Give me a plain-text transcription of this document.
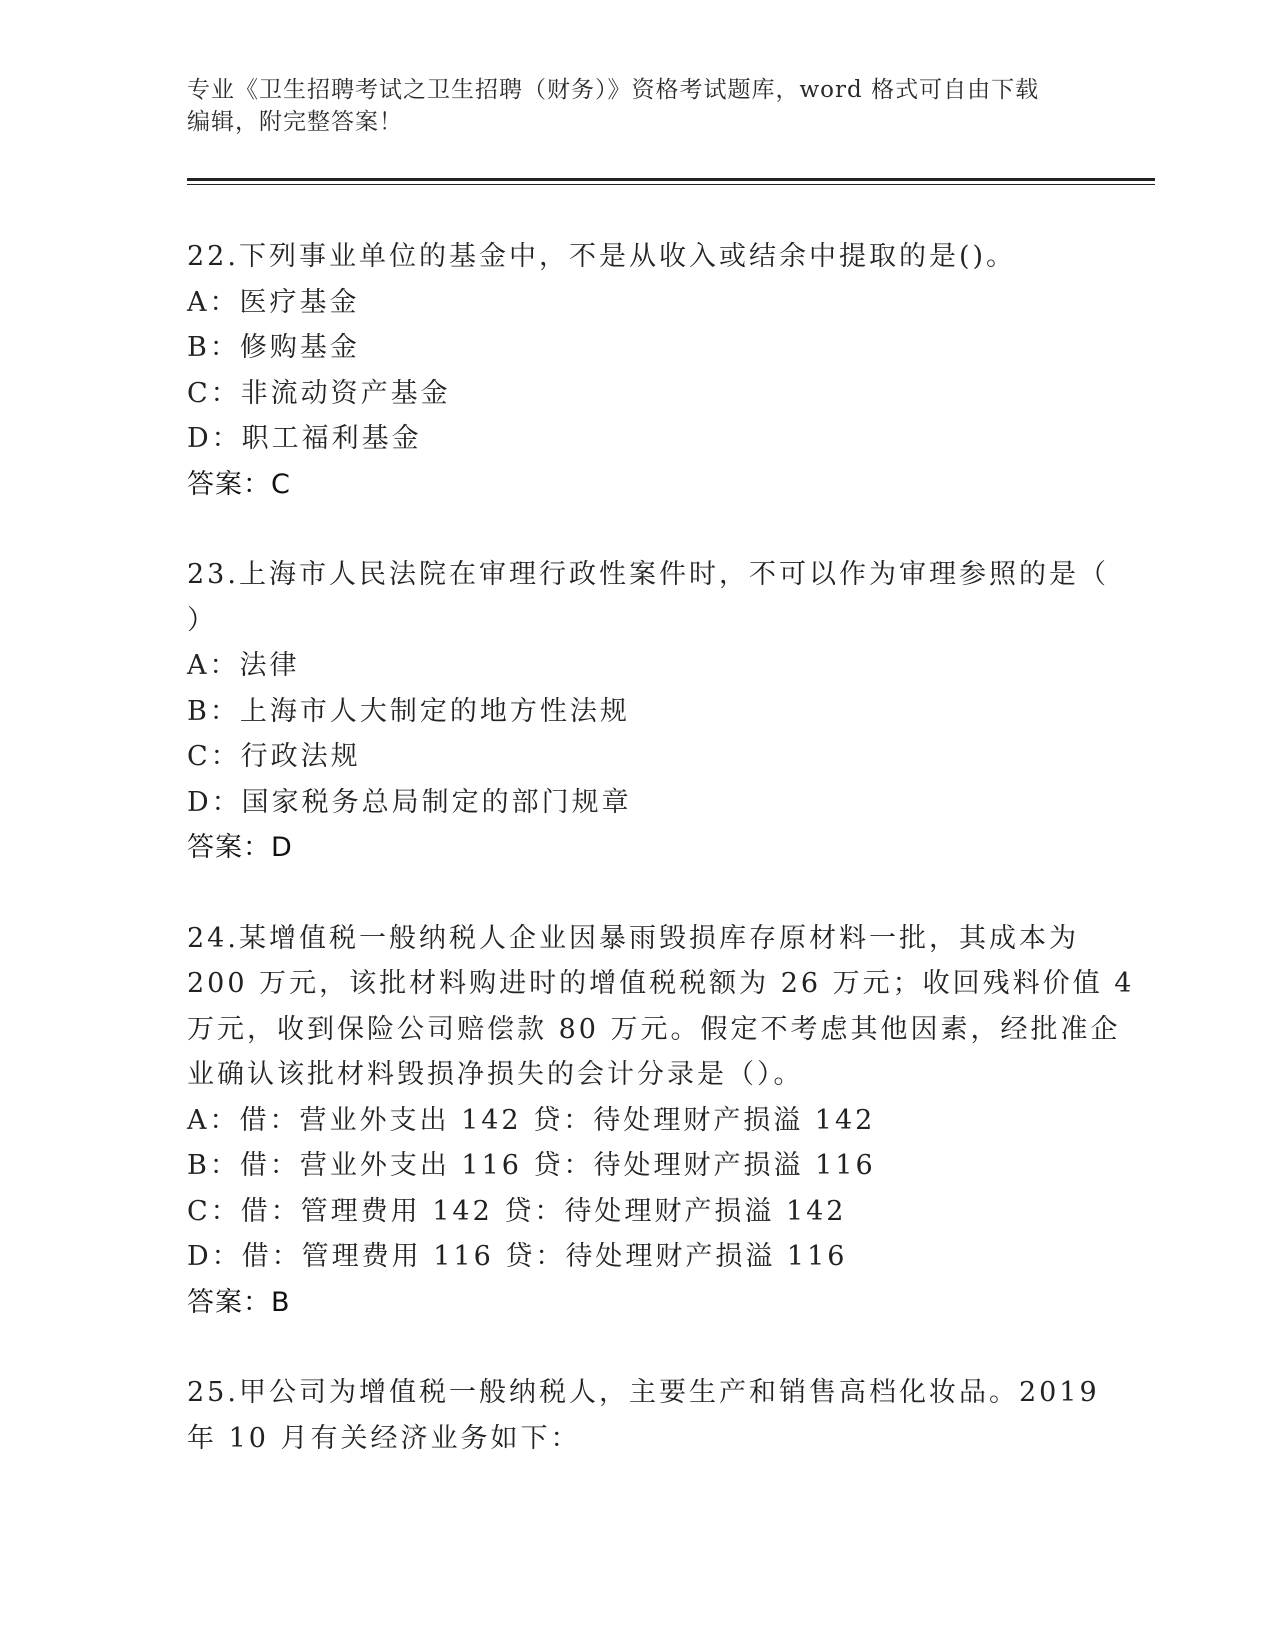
专业《卫生招聘考试之卫生招聘（财务）》资格考试题库，word 格式可自由下载
编辑，附完整答案！
22.下列事业单位的基金中，不是从收入或结余中提取的是()。
A：医疗基金
B：修购基金
C：非流动资产基金
D：职工福利基金
答案：C
23.上海市人民法院在审理行政性案件时，不可以作为审理参照的是（
）
A：法律
B：上海市人大制定的地方性法规
C：行政法规
D：国家税务总局制定的部门规章
答案：D
24.某增值税一般纳税人企业因暴雨毁损库存原材料一批，其成本为
200 万元，该批材料购进时的增值税税额为 26 万元；收回残料价值 4
万元，收到保险公司赔偿款 80 万元。假定不考虑其他因素，经批准企
业确认该批材料毁损净损失的会计分录是（）。
A：借：营业外支出 142 贷：待处理财产损溢 142
B：借：营业外支出 116 贷：待处理财产损溢 116
C：借：管理费用 142 贷：待处理财产损溢 142
D：借：管理费用 116 贷：待处理财产损溢 116
答案：B
25.甲公司为增值税一般纳税人，主要生产和销售高档化妆品。2019
年 10 月有关经济业务如下：
